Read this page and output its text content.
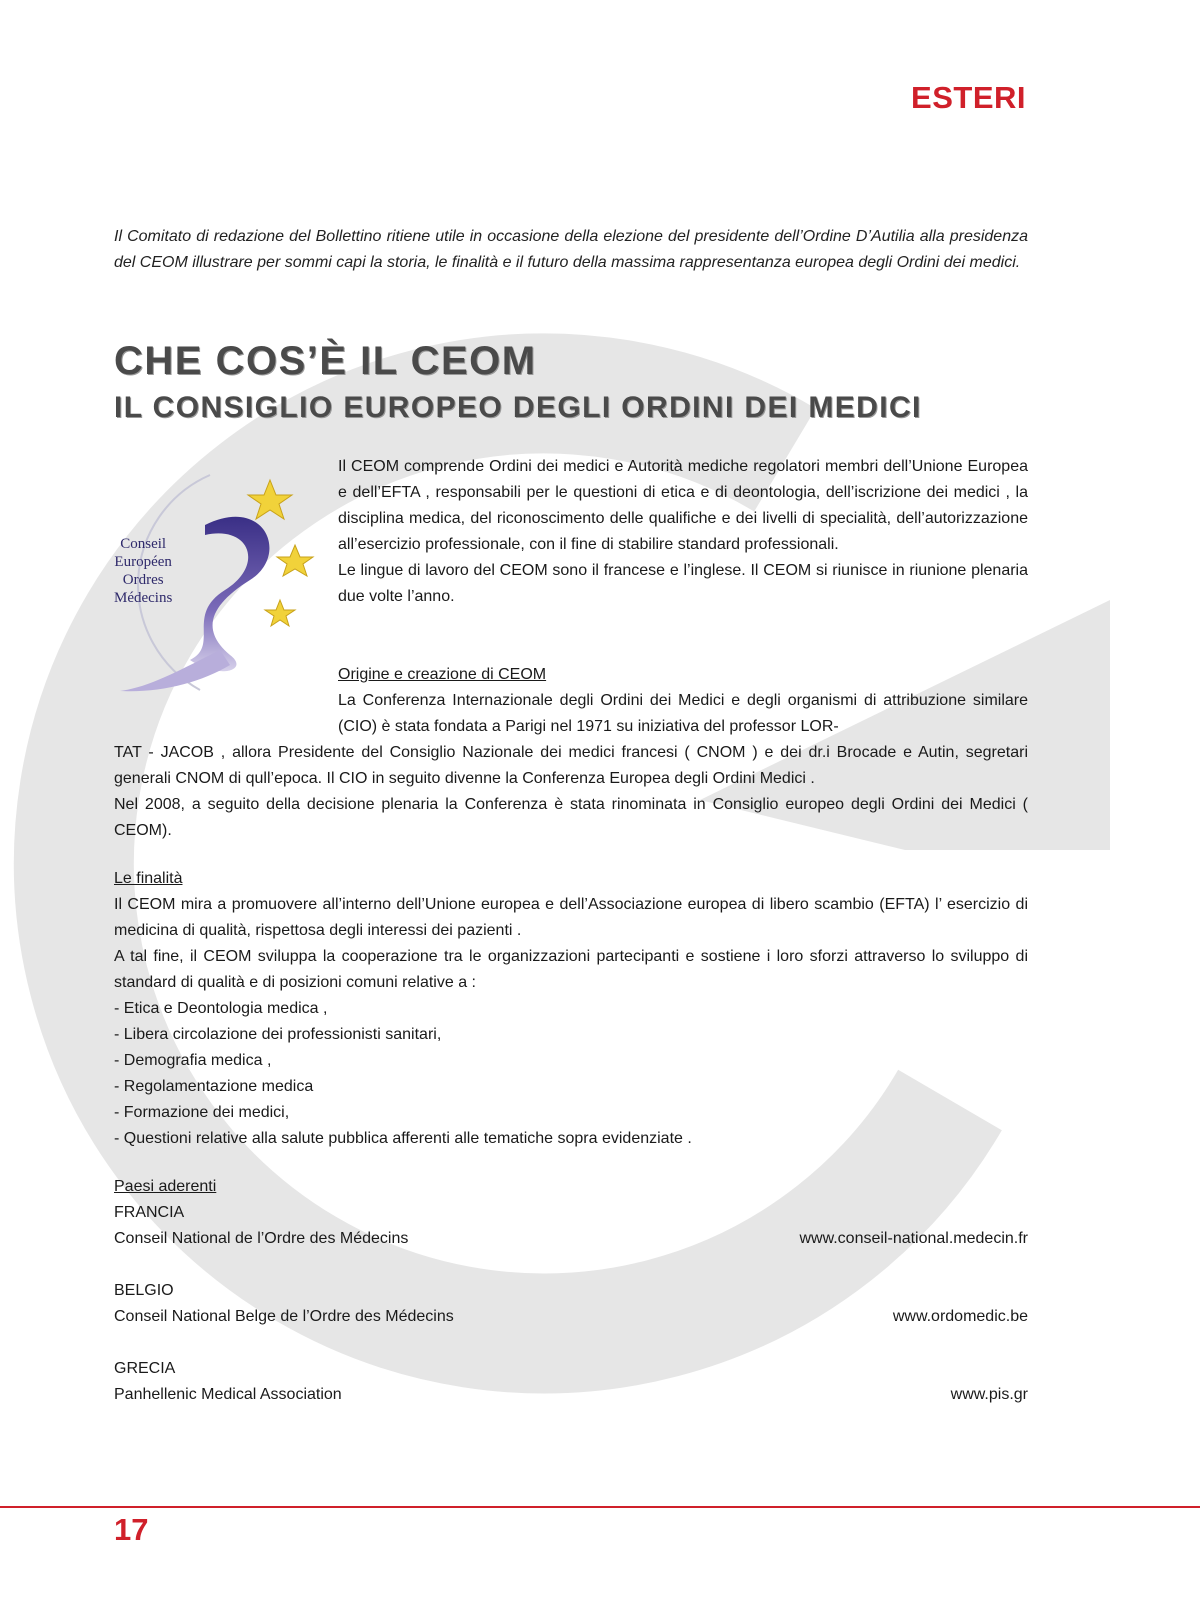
ESTERI

Il Comitato di redazione del Bollettino ritiene utile in occasione della elezione del presidente dell’Ordine D’Autilia alla presidenza del CEOM illustrare per sommi capi la storia, le finalità e il futuro della massima rappresentanza europea degli Ordini dei medici.

CHE COS’È IL CEOM
IL CONSIGLIO EUROPEO DEGLI ORDINI DEI MEDICI
Conseil
Européen
Ordres
Médecins

Il CEOM comprende Ordini dei medici e Autorità mediche regolatori membri dell’Unione Europea e dell’EFTA , responsabili per le questioni di etica e di deontologia, dell’iscrizione dei medici , la disciplina medica, del riconoscimento delle qualifiche e dei livelli di specialità, dell’autorizzazione all’esercizio professionale, con il fine di stabilire standard professionali.

Le lingue di lavoro del CEOM sono il francese e l’inglese. Il CEOM si riunisce in riunione plenaria due volte l’anno.

Origine e creazione di CEOM

La Conferenza Internazionale degli Ordini dei Medici e degli organismi di attribuzione similare (CIO) è stata fondata a Parigi nel 1971 su iniziativa del professor LOR-

TAT - JACOB , allora Presidente del Consiglio Nazionale dei medici francesi ( CNOM ) e dei dr.i Brocade e Autin, segretari generali CNOM di qull’epoca. Il CIO in seguito divenne la Conferenza Europea degli Ordini Medici .

Nel 2008, a seguito della decisione plenaria la Conferenza è stata rinominata in Consiglio europeo degli Ordini dei Medici ( CEOM).

Le finalità

Il CEOM mira a promuovere all’interno dell’Unione europea e dell’Associazione europea di libero scambio (EFTA) l’ esercizio di medicina di qualità, rispettosa degli interessi dei pazienti .

A tal fine, il CEOM sviluppa la cooperazione tra le organizzazioni partecipanti e sostiene i loro sforzi attraverso lo sviluppo di standard di qualità e di posizioni comuni relative a :

- Etica e Deontologia medica ,

- Libera circolazione dei professionisti sanitari,

- Demografia medica ,

- Regolamentazione medica

- Formazione dei medici,

- Questioni relative alla salute pubblica afferenti alle tematiche sopra evidenziate .

Paesi aderenti

FRANCIA

Conseil National de l’Ordre des Médecins	www.conseil-national.medecin.fr

BELGIO

Conseil National Belge de l’Ordre des Médecins	www.ordomedic.be

GRECIA

Panhellenic Medical Association	www.pis.gr
17
